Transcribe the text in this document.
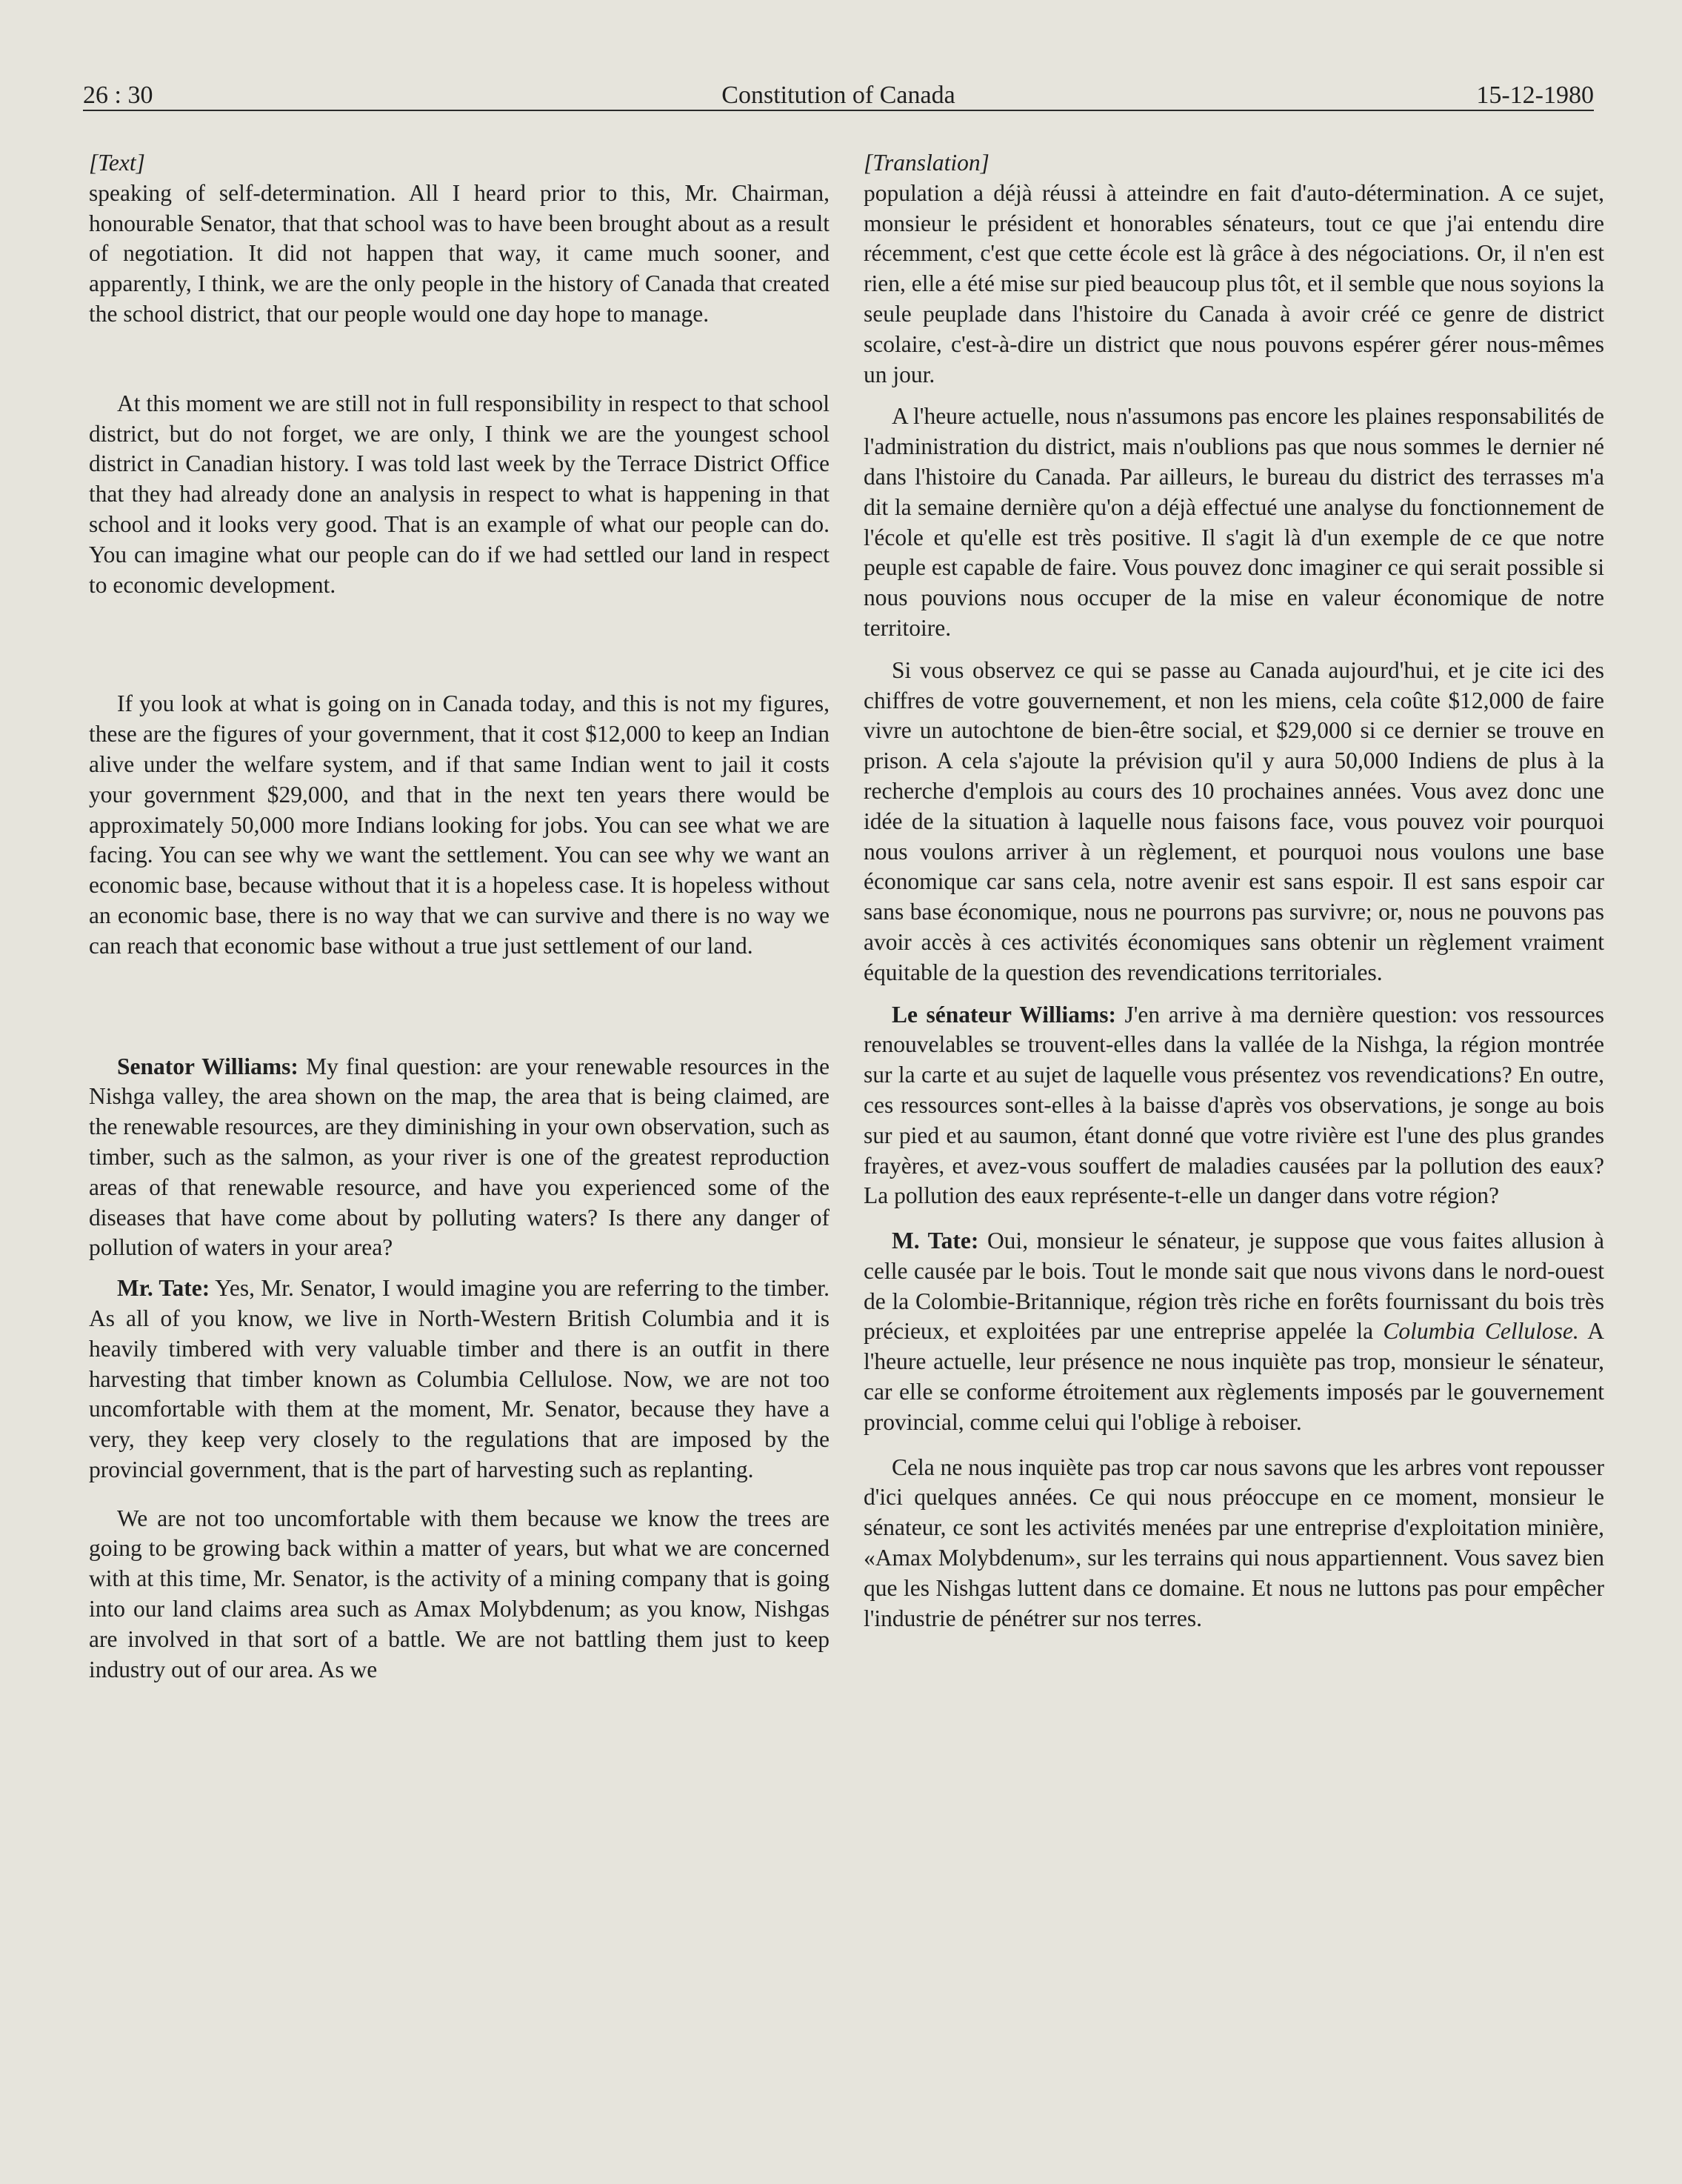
26 : 30	Constitution of Canada	15-12-1980

[Text]

speaking of self-determination. All I heard prior to this, Mr. Chairman, honourable Senator, that that school was to have been brought about as a result of negotiation. It did not happen that way, it came much sooner, and apparently, I think, we are the only people in the history of Canada that created the school district, that our people would one day hope to manage.

At this moment we are still not in full responsibility in respect to that school district, but do not forget, we are only, I think we are the youngest school district in Canadian history. I was told last week by the Terrace District Office that they had already done an analysis in respect to what is happening in that school and it looks very good. That is an example of what our people can do. You can imagine what our people can do if we had settled our land in respect to economic development.

If you look at what is going on in Canada today, and this is not my figures, these are the figures of your government, that it cost $12,000 to keep an Indian alive under the welfare system, and if that same Indian went to jail it costs your government $29,000, and that in the next ten years there would be approximately 50,000 more Indians looking for jobs. You can see what we are facing. You can see why we want the settlement. You can see why we want an economic base, because without that it is a hopeless case. It is hopeless without an economic base, there is no way that we can survive and there is no way we can reach that economic base without a true just settlement of our land.

Senator Williams: My final question: are your renewable resources in the Nishga valley, the area shown on the map, the area that is being claimed, are the renewable resources, are they diminishing in your own observation, such as timber, such as the salmon, as your river is one of the greatest reproduction areas of that renewable resource, and have you experienced some of the diseases that have come about by polluting waters? Is there any danger of pollution of waters in your area?

Mr. Tate: Yes, Mr. Senator, I would imagine you are referring to the timber. As all of you know, we live in North-Western British Columbia and it is heavily timbered with very valuable timber and there is an outfit in there harvesting that timber known as Columbia Cellulose. Now, we are not too uncomfortable with them at the moment, Mr. Senator, because they have a very, they keep very closely to the regulations that are imposed by the provincial government, that is the part of harvesting such as replanting.

We are not too uncomfortable with them because we know the trees are going to be growing back within a matter of years, but what we are concerned with at this time, Mr. Senator, is the activity of a mining company that is going into our land claims area such as Amax Molybdenum; as you know, Nishgas are involved in that sort of a battle. We are not battling them just to keep industry out of our area. As we

[Translation]

population a déjà réussi à atteindre en fait d'auto-détermination. A ce sujet, monsieur le président et honorables sénateurs, tout ce que j'ai entendu dire récemment, c'est que cette école est là grâce à des négociations. Or, il n'en est rien, elle a été mise sur pied beaucoup plus tôt, et il semble que nous soyions la seule peuplade dans l'histoire du Canada à avoir créé ce genre de district scolaire, c'est-à-dire un district que nous pouvons espérer gérer nous-mêmes un jour.

A l'heure actuelle, nous n'assumons pas encore les plaines responsabilités de l'administration du district, mais n'oublions pas que nous sommes le dernier né dans l'histoire du Canada. Par ailleurs, le bureau du district des terrasses m'a dit la semaine dernière qu'on a déjà effectué une analyse du fonctionnement de l'école et qu'elle est très positive. Il s'agit là d'un exemple de ce que notre peuple est capable de faire. Vous pouvez donc imaginer ce qui serait possible si nous pouvions nous occuper de la mise en valeur économique de notre territoire.

Si vous observez ce qui se passe au Canada aujourd'hui, et je cite ici des chiffres de votre gouvernement, et non les miens, cela coûte $12,000 de faire vivre un autochtone de bien-être social, et $29,000 si ce dernier se trouve en prison. A cela s'ajoute la prévision qu'il y aura 50,000 Indiens de plus à la recherche d'emplois au cours des 10 prochaines années. Vous avez donc une idée de la situation à laquelle nous faisons face, vous pouvez voir pourquoi nous voulons arriver à un règlement, et pourquoi nous voulons une base économique car sans cela, notre avenir est sans espoir. Il est sans espoir car sans base économique, nous ne pourrons pas survivre; or, nous ne pouvons pas avoir accès à ces activités économiques sans obtenir un règlement vraiment équitable de la question des revendications territoriales.

Le sénateur Williams: J'en arrive à ma dernière question: vos ressources renouvelables se trouvent-elles dans la vallée de la Nishga, la région montrée sur la carte et au sujet de laquelle vous présentez vos revendications? En outre, ces ressources sont-elles à la baisse d'après vos observations, je songe au bois sur pied et au saumon, étant donné que votre rivière est l'une des plus grandes frayères, et avez-vous souffert de maladies causées par la pollution des eaux? La pollution des eaux représente-t-elle un danger dans votre région?

M. Tate: Oui, monsieur le sénateur, je suppose que vous faites allusion à celle causée par le bois. Tout le monde sait que nous vivons dans le nord-ouest de la Colombie-Britannique, région très riche en forêts fournissant du bois très précieux, et exploitées par une entreprise appelée la Columbia Cellulose. A l'heure actuelle, leur présence ne nous inquiète pas trop, monsieur le sénateur, car elle se conforme étroitement aux règlements imposés par le gouvernement provincial, comme celui qui l'oblige à reboiser.

Cela ne nous inquiète pas trop car nous savons que les arbres vont repousser d'ici quelques années. Ce qui nous préoccupe en ce moment, monsieur le sénateur, ce sont les activités menées par une entreprise d'exploitation minière, «Amax Molybdenum», sur les terrains qui nous appartiennent. Vous savez bien que les Nishgas luttent dans ce domaine. Et nous ne luttons pas pour empêcher l'industrie de pénétrer sur nos terres.
